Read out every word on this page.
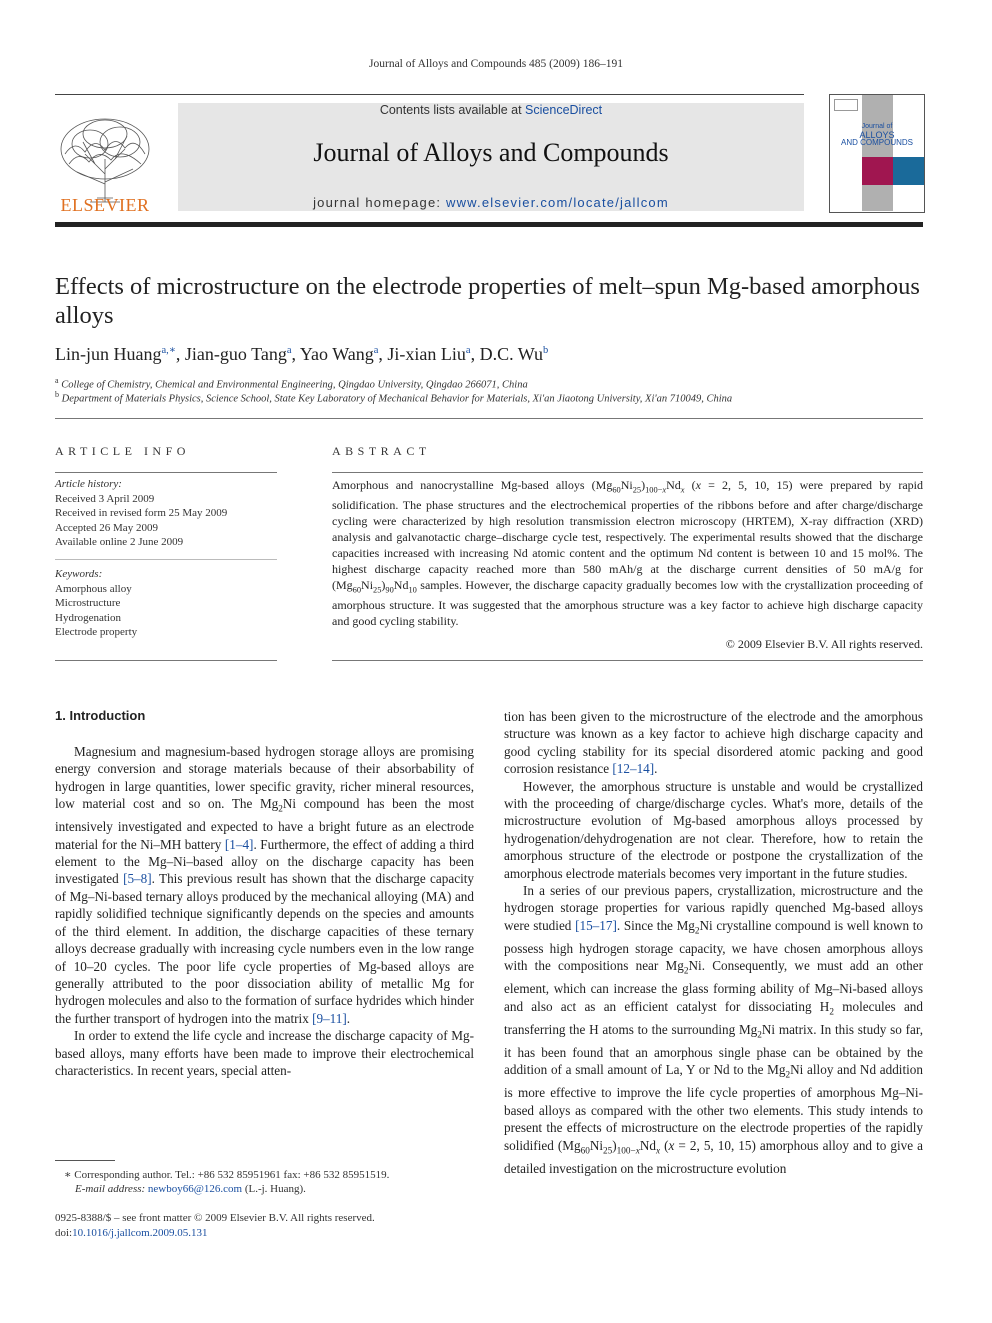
Journal of Alloys and Compounds 485 (2009) 186–191
Contents lists available at ScienceDirect
Journal of Alloys and Compounds
journal homepage: www.elsevier.com/locate/jallcom
ELSEVIER
Journal of
ALLOYS
AND COMPOUNDS
Effects of microstructure on the electrode properties of melt–spun Mg-based amorphous alloys
Lin-jun Huang$^{a,∗}$, Jian-guo Tang$^a$, Yao Wang$^a$, Ji-xian Liu$^a$, D.C. Wu$^b$
$^a$ College of Chemistry, Chemical and Environmental Engineering, Qingdao University, Qingdao 266071, China
$^b$ Department of Materials Physics, Science School, State Key Laboratory of Mechanical Behavior for Materials, Xi'an Jiaotong University, Xi'an 710049, China
ARTICLE INFO
Article history:
Received 3 April 2009
Received in revised form 25 May 2009
Accepted 26 May 2009
Available online 2 June 2009
Keywords:
Amorphous alloy
Microstructure
Hydrogenation
Electrode property
ABSTRACT
Amorphous and nanocrystalline Mg-based alloys $(Mg_{60}Ni_{25})_{100-x}Nd_x$ (x = 2, 5, 10, 15) were prepared by rapid solidification. The phase structures and the electrochemical properties of the ribbons before and after charge/discharge cycling were characterized by high resolution transmission electron microscopy (HRTEM), X-ray diffraction (XRD) analysis and galvanotactic charge–discharge cycle test, respectively. The experimental results showed that the discharge capacities increased with increasing Nd atomic content and the optimum Nd content is between 10 and 15 mol%. The highest discharge capacity reached more than 580 mAh/g at the discharge current densities of 50 mA/g for $(Mg_{60}Ni_{25})_{90}Nd_{10}$ samples. However, the discharge capacity gradually becomes low with the crystallization proceeding of amorphous structure. It was suggested that the amorphous structure was a key factor to achieve high discharge capacity and good cycling stability.
© 2009 Elsevier B.V. All rights reserved.
1. Introduction

Magnesium and magnesium-based hydrogen storage alloys are promising energy conversion and storage materials because of their absorbability of hydrogen in large quantities, lower specific gravity, richer mineral resources, low material cost and so on. The $Mg_2Ni$ compound has been the most intensively investigated and expected to have a bright future as an electrode material for the Ni–MH battery [1–4]. Furthermore, the effect of adding a third element to the Mg–Ni–based alloy on the discharge capacity has been investigated [5–8]. This previous result has shown that the discharge capacity of Mg–Ni-based ternary alloys produced by the mechanical alloying (MA) and rapidly solidified technique significantly depends on the species and amounts of the third element. In addition, the discharge capacities of these ternary alloys decrease gradually with increasing cycle numbers even in the low range of 10–20 cycles. The poor life cycle properties of Mg-based alloys are generally attributed to the poor dissociation ability of metallic Mg for hydrogen molecules and also to the formation of surface hydrides which hinder the further transport of hydrogen into the matrix [9–11].

In order to extend the life cycle and increase the discharge capacity of Mg-based alloys, many efforts have been made to improve their electrochemical characteristics. In recent years, special atten-

tion has been given to the microstructure of the electrode and the amorphous structure was known as a key factor to achieve high discharge capacity and good cycling stability for its special disordered atomic packing and good corrosion resistance [12–14].

However, the amorphous structure is unstable and would be crystallized with the proceeding of charge/discharge cycles. What's more, details of the microstructure evolution of Mg-based amorphous alloys processed by hydrogenation/dehydrogenation are not clear. Therefore, how to retain the amorphous structure of the electrode or postpone the crystallization of the amorphous electrode materials becomes very important in the future studies.

In a series of our previous papers, crystallization, microstructure and the hydrogen storage properties for various rapidly quenched Mg-based alloys were studied [15–17]. Since the $Mg_2Ni$ crystalline compound is well known to possess high hydrogen storage capacity, we have chosen amorphous alloys with the compositions near $Mg_2Ni$. Consequently, we must add an other element, which can increase the glass forming ability of Mg–Ni-based alloys and also act as an efficient catalyst for dissociating $H_2$ molecules and transferring the H atoms to the surrounding $Mg_2Ni$ matrix. In this study so far, it has been found that an amorphous single phase can be obtained by the addition of a small amount of La, Y or Nd to the $Mg_2Ni$ alloy and Nd addition is more effective to improve the life cycle properties of amorphous Mg–Ni-based alloys as compared with the other two elements. This study intends to present the effects of microstructure on the electrode properties of the rapidly solidified $(Mg_{60}Ni_{25})_{100-x}Nd_x$ (x = 2, 5, 10, 15) amorphous alloy and to give a detailed investigation on the microstructure evolution

∗ Corresponding author. Tel.: +86 532 85951961 fax: +86 532 85951519.
E-mail address: newboy66@126.com (L.-j. Huang).
0925-8388/$ – see front matter © 2009 Elsevier B.V. All rights reserved.
doi:10.1016/j.jallcom.2009.05.131
